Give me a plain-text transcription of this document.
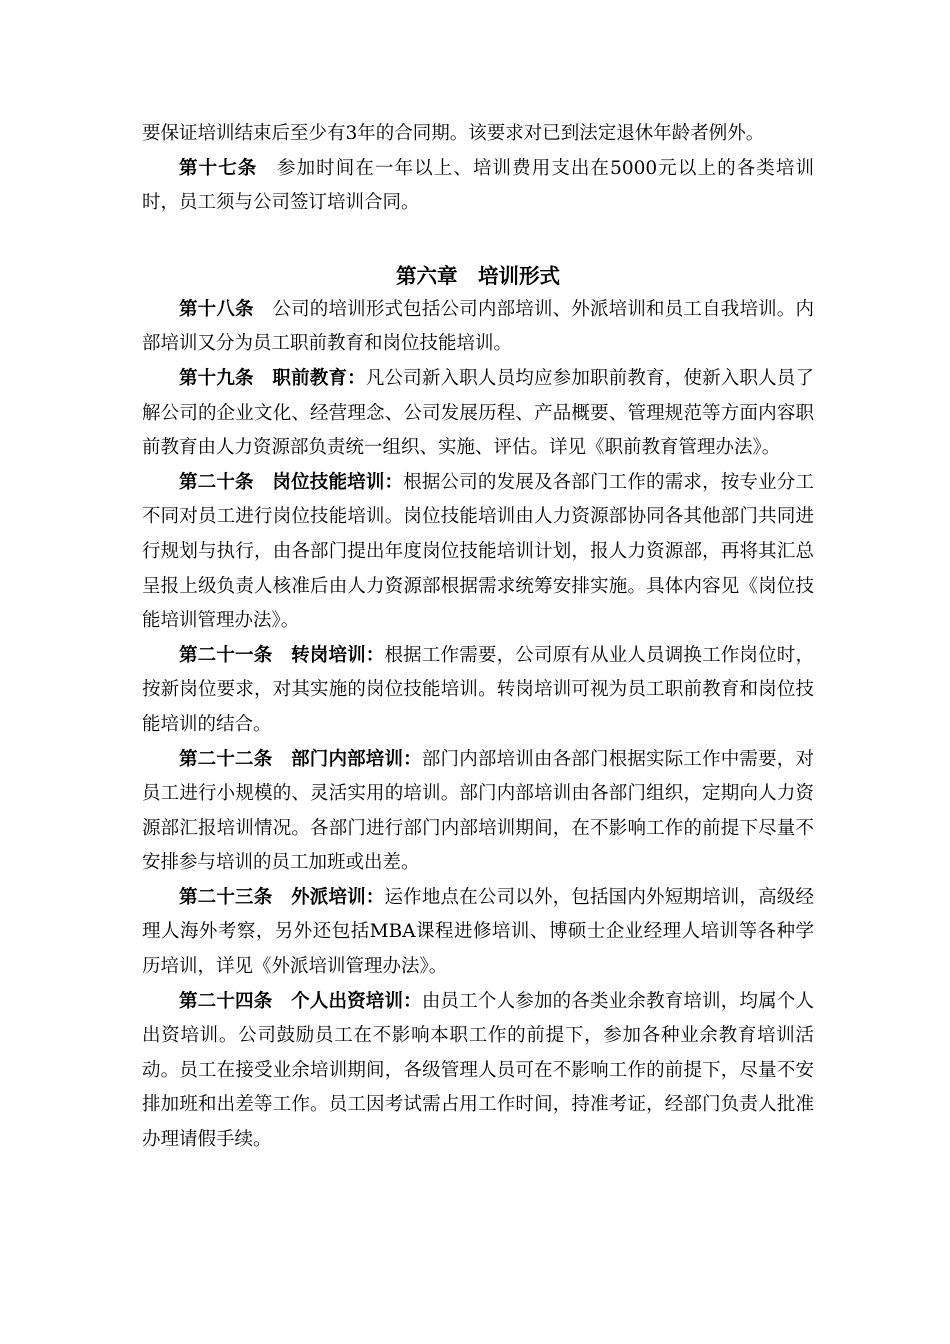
要保证培训结束后至少有3年的合同期。该要求对已到法定退休年龄者例外。

第十七条  参加时间在一年以上、培训费用支出在5000元以上的各类培训时，员工须与公司签订培训合同。

第六章　培训形式

第十八条  公司的培训形式包括公司内部培训、外派培训和员工自我培训。内部培训又分为员工职前教育和岗位技能培训。

第十九条  职前教育：凡公司新入职人员均应参加职前教育，使新入职人员了解公司的企业文化、经营理念、公司发展历程、产品概要、管理规范等方面内容职前教育由人力资源部负责统一组织、实施、评估。详见《职前教育管理办法》。

第二十条  岗位技能培训：根据公司的发展及各部门工作的需求，按专业分工不同对员工进行岗位技能培训。岗位技能培训由人力资源部协同各其他部门共同进行规划与执行，由各部门提出年度岗位技能培训计划，报人力资源部，再将其汇总呈报上级负责人核准后由人力资源部根据需求统筹安排实施。具体内容见《岗位技能培训管理办法》。

第二十一条  转岗培训：根据工作需要，公司原有从业人员调换工作岗位时，按新岗位要求，对其实施的岗位技能培训。转岗培训可视为员工职前教育和岗位技能培训的结合。

第二十二条  部门内部培训：部门内部培训由各部门根据实际工作中需要，对员工进行小规模的、灵活实用的培训。部门内部培训由各部门组织，定期向人力资源部汇报培训情况。各部门进行部门内部培训期间，在不影响工作的前提下尽量不安排参与培训的员工加班或出差。

第二十三条  外派培训：运作地点在公司以外，包括国内外短期培训，高级经理人海外考察，另外还包括MBA课程进修培训、博硕士企业经理人培训等各种学历培训，详见《外派培训管理办法》。

第二十四条  个人出资培训：由员工个人参加的各类业余教育培训，均属个人出资培训。公司鼓励员工在不影响本职工作的前提下，参加各种业余教育培训活动。员工在接受业余培训期间，各级管理人员可在不影响工作的前提下，尽量不安排加班和出差等工作。员工因考试需占用工作时间，持准考证，经部门负责人批准办理请假手续。
